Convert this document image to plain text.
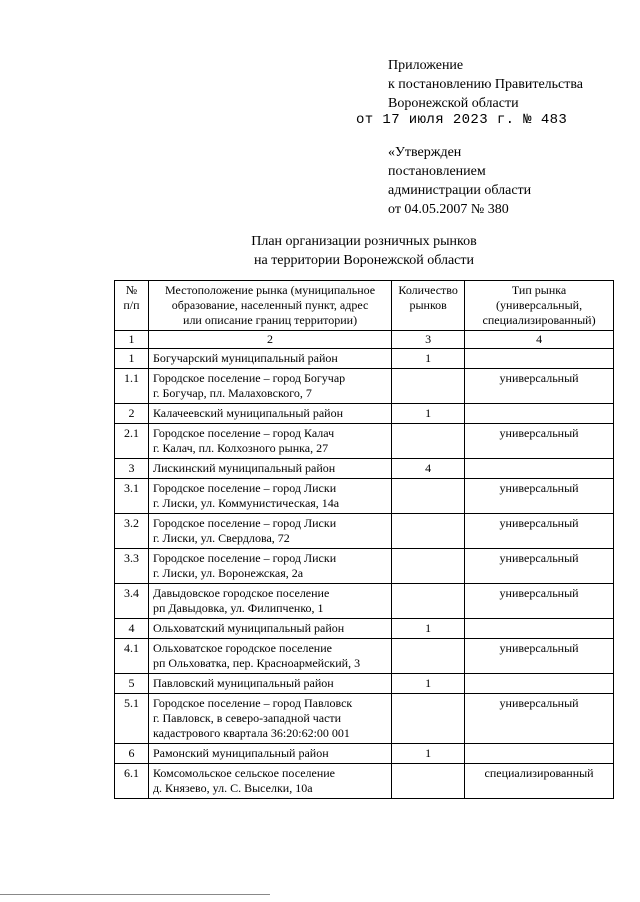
Приложение
к постановлению Правительства
Воронежской области
от 17 июля 2023 г. № 483
«Утвержден
постановлением
администрации области
от 04.05.2007 № 380
План организации розничных рынков
на территории Воронежской области
№
п/п	Местоположение рынка (муниципальное
образование, населенный пункт, адрес
или описание границ территории)	Количество
рынков	Тип рынка
(универсальный,
специализированный)
1	2	3	4
1	Богучарский муниципальный район	1	
1.1	Городское поселение – город Богучар
г. Богучар, пл. Малаховского, 7		универсальный
2	Калачеевский муниципальный район	1	
2.1	Городское поселение – город Калач
г. Калач, пл. Колхозного рынка, 27		универсальный
3	Лискинский муниципальный район	4	
3.1	Городское поселение – город Лиски
г. Лиски, ул. Коммунистическая, 14а		универсальный
3.2	Городское поселение – город Лиски
г. Лиски, ул. Свердлова, 72		универсальный
3.3	Городское поселение – город Лиски
г. Лиски, ул. Воронежская, 2а		универсальный
3.4	Давыдовское городское поселение
рп Давыдовка, ул. Филипченко, 1		универсальный
4	Ольховатский муниципальный район	1	
4.1	Ольховатское городское поселение
рп Ольховатка, пер. Красноармейский, 3		универсальный
5	Павловский муниципальный район	1	
5.1	Городское поселение – город Павловск
г. Павловск, в северо-западной части
кадастрового квартала 36:20:62:00 001		универсальный
6	Рамонский муниципальный район	1	
6.1	Комсомольское сельское поселение
д. Князево, ул. С. Выселки, 10а		специализированный
